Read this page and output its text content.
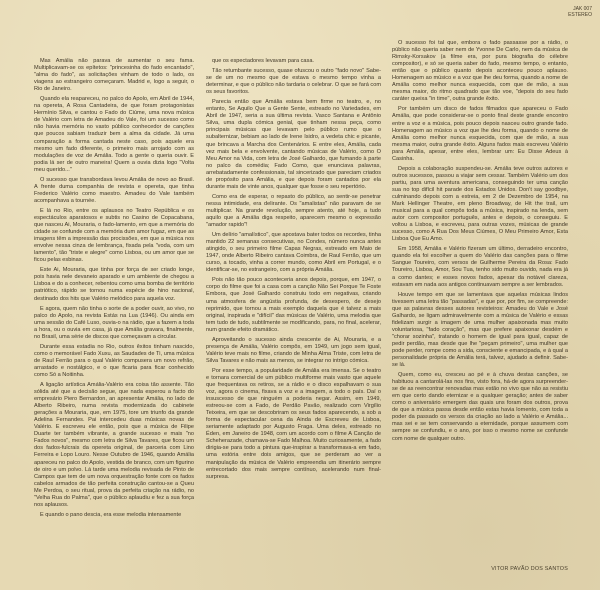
JAK 007
ESTEREO

Mas Amália não parava de aumentar o seu fama. Multiplicavam-se os epítetos: "princesinha do fado encantado", "alma do fado", as solicitações vinham de todo o lado, os viagens ao estrangeiro começaram. Madrid e, logo a seguir, o Rio de Janeiro.

Quando ela reapareceu, no palco do Apolo, em Abril de 1944, na opereta, A Rosa Cantadeira, de que foram protagonistas Hermínio Silva, e cantou o Fado do Ciúme, uma nova música de Valério com letra de Amadeu do Vale, foi um sucesso como não havia memória no vasto público conhecedor de canções que poucos sabiam traduzir bem a alma da cidade. Já uma comparação a forma cantada neste caso, pois aquele era mesmo um fado diferente, o primeiro mais arrojado com as modulações de voz de Amália. Todo a gente o queria ouvir. E podia lá ser de outro maneira! Quem a ouvia dizia logo "Volta meu querido..."

O sucesso que transbordava levou Amália de novo ao Brasil. A frente duma companhia de revista e opereta, que tinha Frederico Valério como maestro. Amadeu do Vale também acompanhava a tournée.

E lá no Rio, entre os aplausos no Teatro República e os espectáculos aparatosos e subtis no Casino de Copacabana, que nasceu Ai, Mouraria, o fado-lamento, em que a memória do cidade se confunde com a memória dum amor fugaz, em que as imagens têm a impressão das procissões, em que a música nos envolve nessa cinza de lembrança, fixada pela "voda, com um lamento", tão "triste e alegre" como Lisboa, ou um amor que se ficou pelas esbinas.

Este Ai, Mouraria, que tinha por força de ser criado longe, pois havia nele devaneio aparado e um ambiente de chegou a Lisboa e do a conhecer, rebentou como uma bomba de território patriótico, rápido se tornou numa espécie de hino nacional, destinado dos hits que Valério melódico para aquela voz.

E agora, quem não tinha o sorte de a poder ouvir, ao vivo, no palco do Apolo, na revista Estás na Lua (1946). Ou ainda em uma sessão do Café Luso, ouvia-o na rádio, que a fazem a toda a hora, ou o ouvia em casa, já que Amália gravara, finalmente, no Brasil, uma série de discos que começavam a circular.

Durante essa estadia no Rio, outros êxitos tinham nascido, como o memorável Fado Xuxu, as Saudades de Ti, uma música de Raul Ferrão para o qual Valério compusera um novo refrão, arrastado e nostálgico, e o que ficaria para ficar conhecido como Só a Noitinha.

A ligação artística Amália-Valério era coisa tão assente. Tão sólida até que a decisão segue, que nada esperou a facto do empresário Piero Bernardon, an apresentar Amália, no lado de Alberto Ribeiro, numa revista modernizada do cabinete gerações a Mouraria, que, em 1975, tore um triunfo da grande Adelina Fernandes. Pai intercedeu duas músicas novas de Valério. E escreveu ele então, pois que a música de Filipe Duarte ter também vibrante, a grande sucesso e mais "no Fados novos", mesmo com letra de Silva Tavares, que ficou um dos fados-fulcrais da opereta original, de parceria com Lino Ferreira e Lopo Louro. Nesse Outubro de 1946, quando Amália apareceu no palco do Apolo, vestida de branco, com um figurino de oiro e um polvo. Lá tarde uma melodia revisada de Pinto de Campos que tem de um nova orquestração fonte com os fados cabelos armados de tão perfeita construção cantou-se a Queu Me Perdoa, o seu ritual, prova da perfeita criação na rádio, no "Velha Rua do Palma", que o público aplaudiu e fez a sua força nos aplausos.

E quando o pano descia, era esse melodia intensamente

que os espectadores levavam para casa.

Tão retumbante sucesso, quase ofuscou o outro "fado novo" Sabe-se de um no mesmo que de estava o mesmo tempo vinha a determinar, e que o público não tardaria o celebrar. O que se fará com os seus favoritos.

Parecia então que Amália estava bem firme no teatro, e, no entanto, Se Aquilo Que a Gente Sente, estreado no Variedades, em Abril de 1947, seria a sua última revista. Vasco Santana e Antônio Silva, uma dupla cómica genial, que tinham nessa peça, como principais músicas que levavam pelo público rumo que o subalternizar, bebiam ao lado de Irene Isidro, a vedeta chic e picante, que brincava a Marcha dos Centenários. E entre eles, Amália, cada vez mais bela e envolvente, cantando músicas de Valério, como O Meu Amor na Vida, com letra de José Galhardo, que fumando à parte no palco da comédia; Fado Como, que enunciava palavras, arrebatadamente confessionais, tal sincerizado que pareciam criados de propósito para Amália, e que depois foram cantados por ela durante mais de vinte anos, qualquer que fosse o seu repertório.

Como era de esperar, o repasto do público, ao sentir-se penetrar nessa intimidade, era delirante. Os "amalistas" não paravam de se multiplicar. Na grande revolução, sempre atento, até hoje, a tudo aquilo que a Amália diga respeito, aparecem mesmo o expressão "amador rapido"!

Um delírio "amalístico", que apostava bater todos os recordes, tinha mantido 22 semanas consecutivas, no Condes, número nunca antes atingido, o seu primeiro filme Capas Negras, estreado em Maio de 1947, onde Alberto Ribeiro cantava Coimbra, de Raul Ferrão, que um curso, a tocado, vinha a correr mundo, como Abril em Portugal, e o identificar-se, no estrangeiro, com a própria Amália.

Pois não tão pouco aconteceria anos depois, porque, em 1947, o corpo do filme que foi a casa com a canção Não Sei Porque Te Foste Embora, que José Galhardo construiu todo em negativas, criando uma atmosfera de angústia profunda, de desespero, de desejo reprimido, que tornou a mais exemplo daquela que é talvez a mais original, inspirada e "difícil" das músicas de Valério, uma melodia que tem tudo de tudo, subtilmente se modificando, para, no final, acelerar, num grande efeito dramático.

Aproveitando o sucesso ainda crescente de Ai, Mouraria, e a presença de Amália, Valério compôs, em 1949, um jogo sem igual, Valério teve mais no filme, criando de Minha Alma Triste, com letra de Silva Tavares e não mais as menos, se integrar no intrigo cómica.

Por esse tempo, a popularidade de Amália era imensa. Se o teatro e tornara comercial de um público multiforme mais vasto que aquele que frequentava os retiros, se a rádio e o disco espalhavam o sua voz, agora o cinema, fixava a voz e a imagem, a todo o país. Daí o insuscesso de que ninguém a poderia negar. Assim, em 1949, estreou-se com a Fado, de Perdão Pavão, realizado com Virgílio Teixeira, em que se descobriram os seus fados aparecendo, a sob a forma de espectacular cena da Ainda de Escreveu de Lisboa, seriamente adaptado por Augusto Fraga. Uma deles, estreado no Éden, em Janeiro de 1948, com um acordo com o filme A Canção de Scheherazade, chamava-se Fado Malhoa. Muito curiosamente, a fado dirigia-se para todo a pintura que-inspirar a transformava-a em fado, uma estória entre dois amigos, que se perderam ao ver a manipulação da música de Valério empreendia um itinerário sempre entrecortado dos mais sempre contínuo, acelerando num final-surpresa.

O sucesso foi tal que, embora o fado passasse por a rádio, o público não queria saber nem de Yvonne De Carlo, nem da música de Rimsky-Korsakov (a filme era, por pura biografia do célebre compositor), e só se queria saber do fado, mesmo tempo, o entanto, então que o público quanto depois aconteceu pouco aplauso. Homenagem ao músico e a voz que lhe deu forma, quando a nome de Amália como melhor nunca esquecida, com que de mão, a sua mesma maior, do ritmo quadrado que tão voe, "depois do seu fado caráter queixa "in time", outra grande êxito.

Por também um disco de fados filmados que apareceu o Fado Amália, que pode considerar-se o ponto final deste grande encontro entre a voz e a música, pois pouco depois nasceu outro grande fado. Homenagem ao músico a voz que lhe deu forma, quando o nome de Amália como melhor nunca esquecida, com que de mão, a sua mesma maior, outra grande êxito. Alguns fados mais escreveu Valério para Amália, apesar, entre eles, lembrar um: Eu Disse Adeus à Casinha.

Depois a colaboração suspendeu-se. Amália teve outros autores e outros sucessos, passou a viajar sem cessar. Também Valério um dos partiu, para uma aventura americana, conseguindo ter uma canção sua no top difícil hit parade dos Estados Unidos. Don't say goodbye, culminando depois com a estreia, em 2 de Dezembro de 1954, na Mark Hellinger Theatre, em pleno Broadway, de Hit the trail, um musical para a qual compôs toda a música, inspirado na lenda, sem autor com compositor português, antes e depois, o conseguiu. E voltou a Lisboa, e escreveu, para outras vozes, músicas de grande sucesso, como A Rua Dos Meus Ciúmes, O Meu Primeiro Amor, Esta Lisboa Que Eu Amo.

Em 1958, Amália e Valério fizeram um último, derradeiro encontro, quando ela foi escolher a quem do Valério das canções para o filme Sangue Toureiro, com versos de Guilherme Pereira da Rosa: Fado Toureiro, Lisboa, Amor, Sou Tua, tenho sido muito ouvido, nada era já a como dantes; e esses novos fados, apesar da notável clareza, estavam em nada aos antigos continuavam sempre a ser lembrados.

Houve tempo em que se lamentava que aquelas músicas lindos tivessem uma letra tão "passadas", e que por, por fim, se compreende: que as palavras desses autores revisteiros: Amadeu do Vale e José Galhardo, se ligam admiravelmente com a música de Valério e essas fidelizam surgir a imagem de uma mulher apaixonada mas muito voluntariosa, "fado coração", mas que prefere apaixonar desdém e "chorar sozinha", tratando o homem de igual para igual, capaz de pedir perdão, mas desde que lhe "peçam primeiro", uma mulher que pode perder, rompe como a sida, consciente e emancipada, e à qual a personalidade própria de Amália terá, talvez, ajudado a definir. Sabe-se lá.

Quem, como eu, cresceu ao pé e à chuva destas canções, se habituou a cantarolá-las nos fins, visto fora, há-de agora surpreender-se de as reencontrar renovadas mas estão no vivo que não as resistiu em que certo dando eternizar e a qualquer geração; antes de saber como o aniversário emergem das quais uns foram dos outros, prova de que a música passa desde então estas havia lomento, com toda a poder da passado os versos da criação ao lado a Valério e Amália... mas sei e se tem conservando a eternidade, porque assumem com sempre se confundiu, e o ano, por isso o mesmo nome se confunde com nome de qualquer outro.

VITOR PAVÃO DOS SANTOS
